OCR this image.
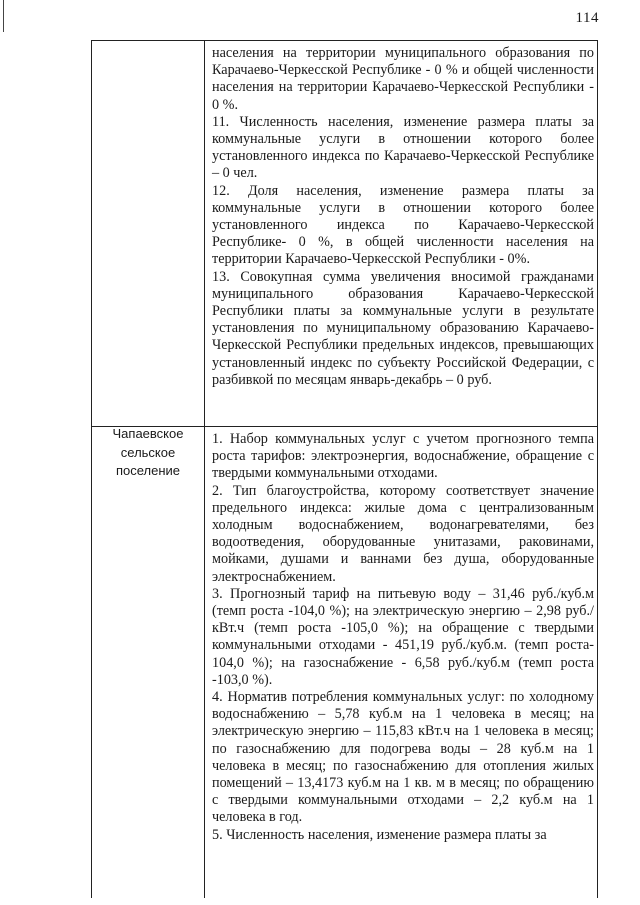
114

населения на территории муниципального образования по Карачаево-Черкесской Республике - 0 % и общей численности населения на территории Карачаево-Черкесской Республики - 0 %.

11. Численность населения, изменение размера платы за коммунальные услуги в отношении которого более установленного индекса по Карачаево-Черкесской Республике – 0 чел.

12. Доля населения, изменение размера платы за коммунальные услуги в отношении которого более установленного индекса по Карачаево-Черкесской Республике- 0 %, в общей численности населения на территории Карачаево-Черкесской Республики - 0%.

13. Совокупная сумма увеличения вносимой гражданами муниципального образования Карачаево-Черкесской Республики платы за коммунальные услуги в результате установления по муниципальному образованию Карачаево-Черкесской Республики предельных индексов, превышающих установленный индекс по субъекту Российской Федерации, с разбивкой по месяцам январь-декабрь – 0 руб.

Чапаевское сельское поселение

1. Набор коммунальных услуг с учетом прогнозного темпа роста тарифов: электроэнергия, водоснабжение, обращение с твердыми коммунальными отходами.

2. Тип благоустройства, которому соответствует значение предельного индекса: жилые дома с централизованным холодным водоснабжением, водонагревателями, без водоотведения, оборудованные унитазами, раковинами, мойками, душами и ваннами без душа, оборудованные электроснабжением.

3. Прогнозный тариф на питьевую воду – 31,46 руб./куб.м (темп роста -104,0 %); на электрическую энергию – 2,98 руб./кВт.ч (темп роста -105,0 %); на обращение с твердыми коммунальными отходами - 451,19 руб./куб.м. (темп роста- 104,0 %); на газоснабжение - 6,58 руб./куб.м (темп роста -103,0 %).

4. Норматив потребления коммунальных услуг: по холодному водоснабжению – 5,78 куб.м на 1 человека в месяц; на электрическую энергию – 115,83 кВт.ч на 1 человека в месяц; по газоснабжению для подогрева воды – 28 куб.м на 1 человека в месяц; по газоснабжению для отопления жилых помещений – 13,4173 куб.м на 1 кв. м в месяц; по обращению с твердыми коммунальными отходами – 2,2 куб.м на 1 человека в год.

5. Численность населения, изменение размера платы за
